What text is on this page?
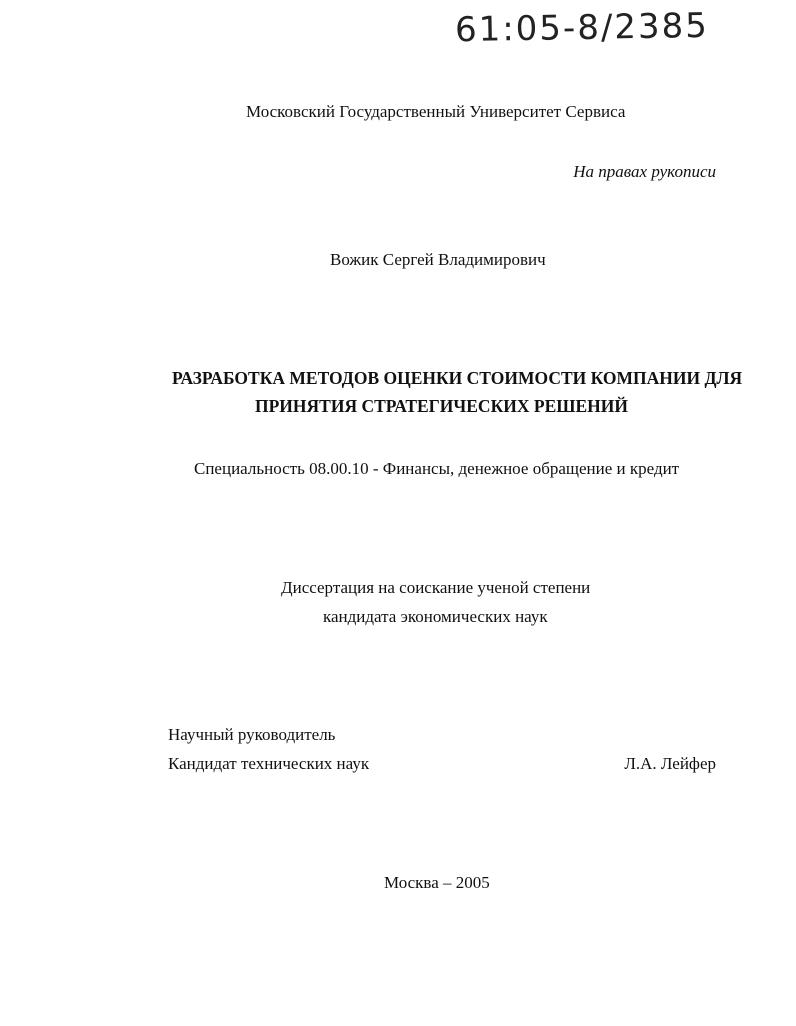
61:05-8/2385
Московский Государственный Университет Сервиса
На правах рукописи
Вожик Сергей Владимирович
РАЗРАБОТКА МЕТОДОВ ОЦЕНКИ СТОИМОСТИ КОМПАНИИ ДЛЯ
ПРИНЯТИЯ СТРАТЕГИЧЕСКИХ РЕШЕНИЙ
Специальность 08.00.10 - Финансы, денежное обращение и кредит
Диссертация на соискание ученой степени
кандидата экономических наук
Научный руководитель
Кандидат технических наук	Л.А. Лейфер
Москва – 2005
